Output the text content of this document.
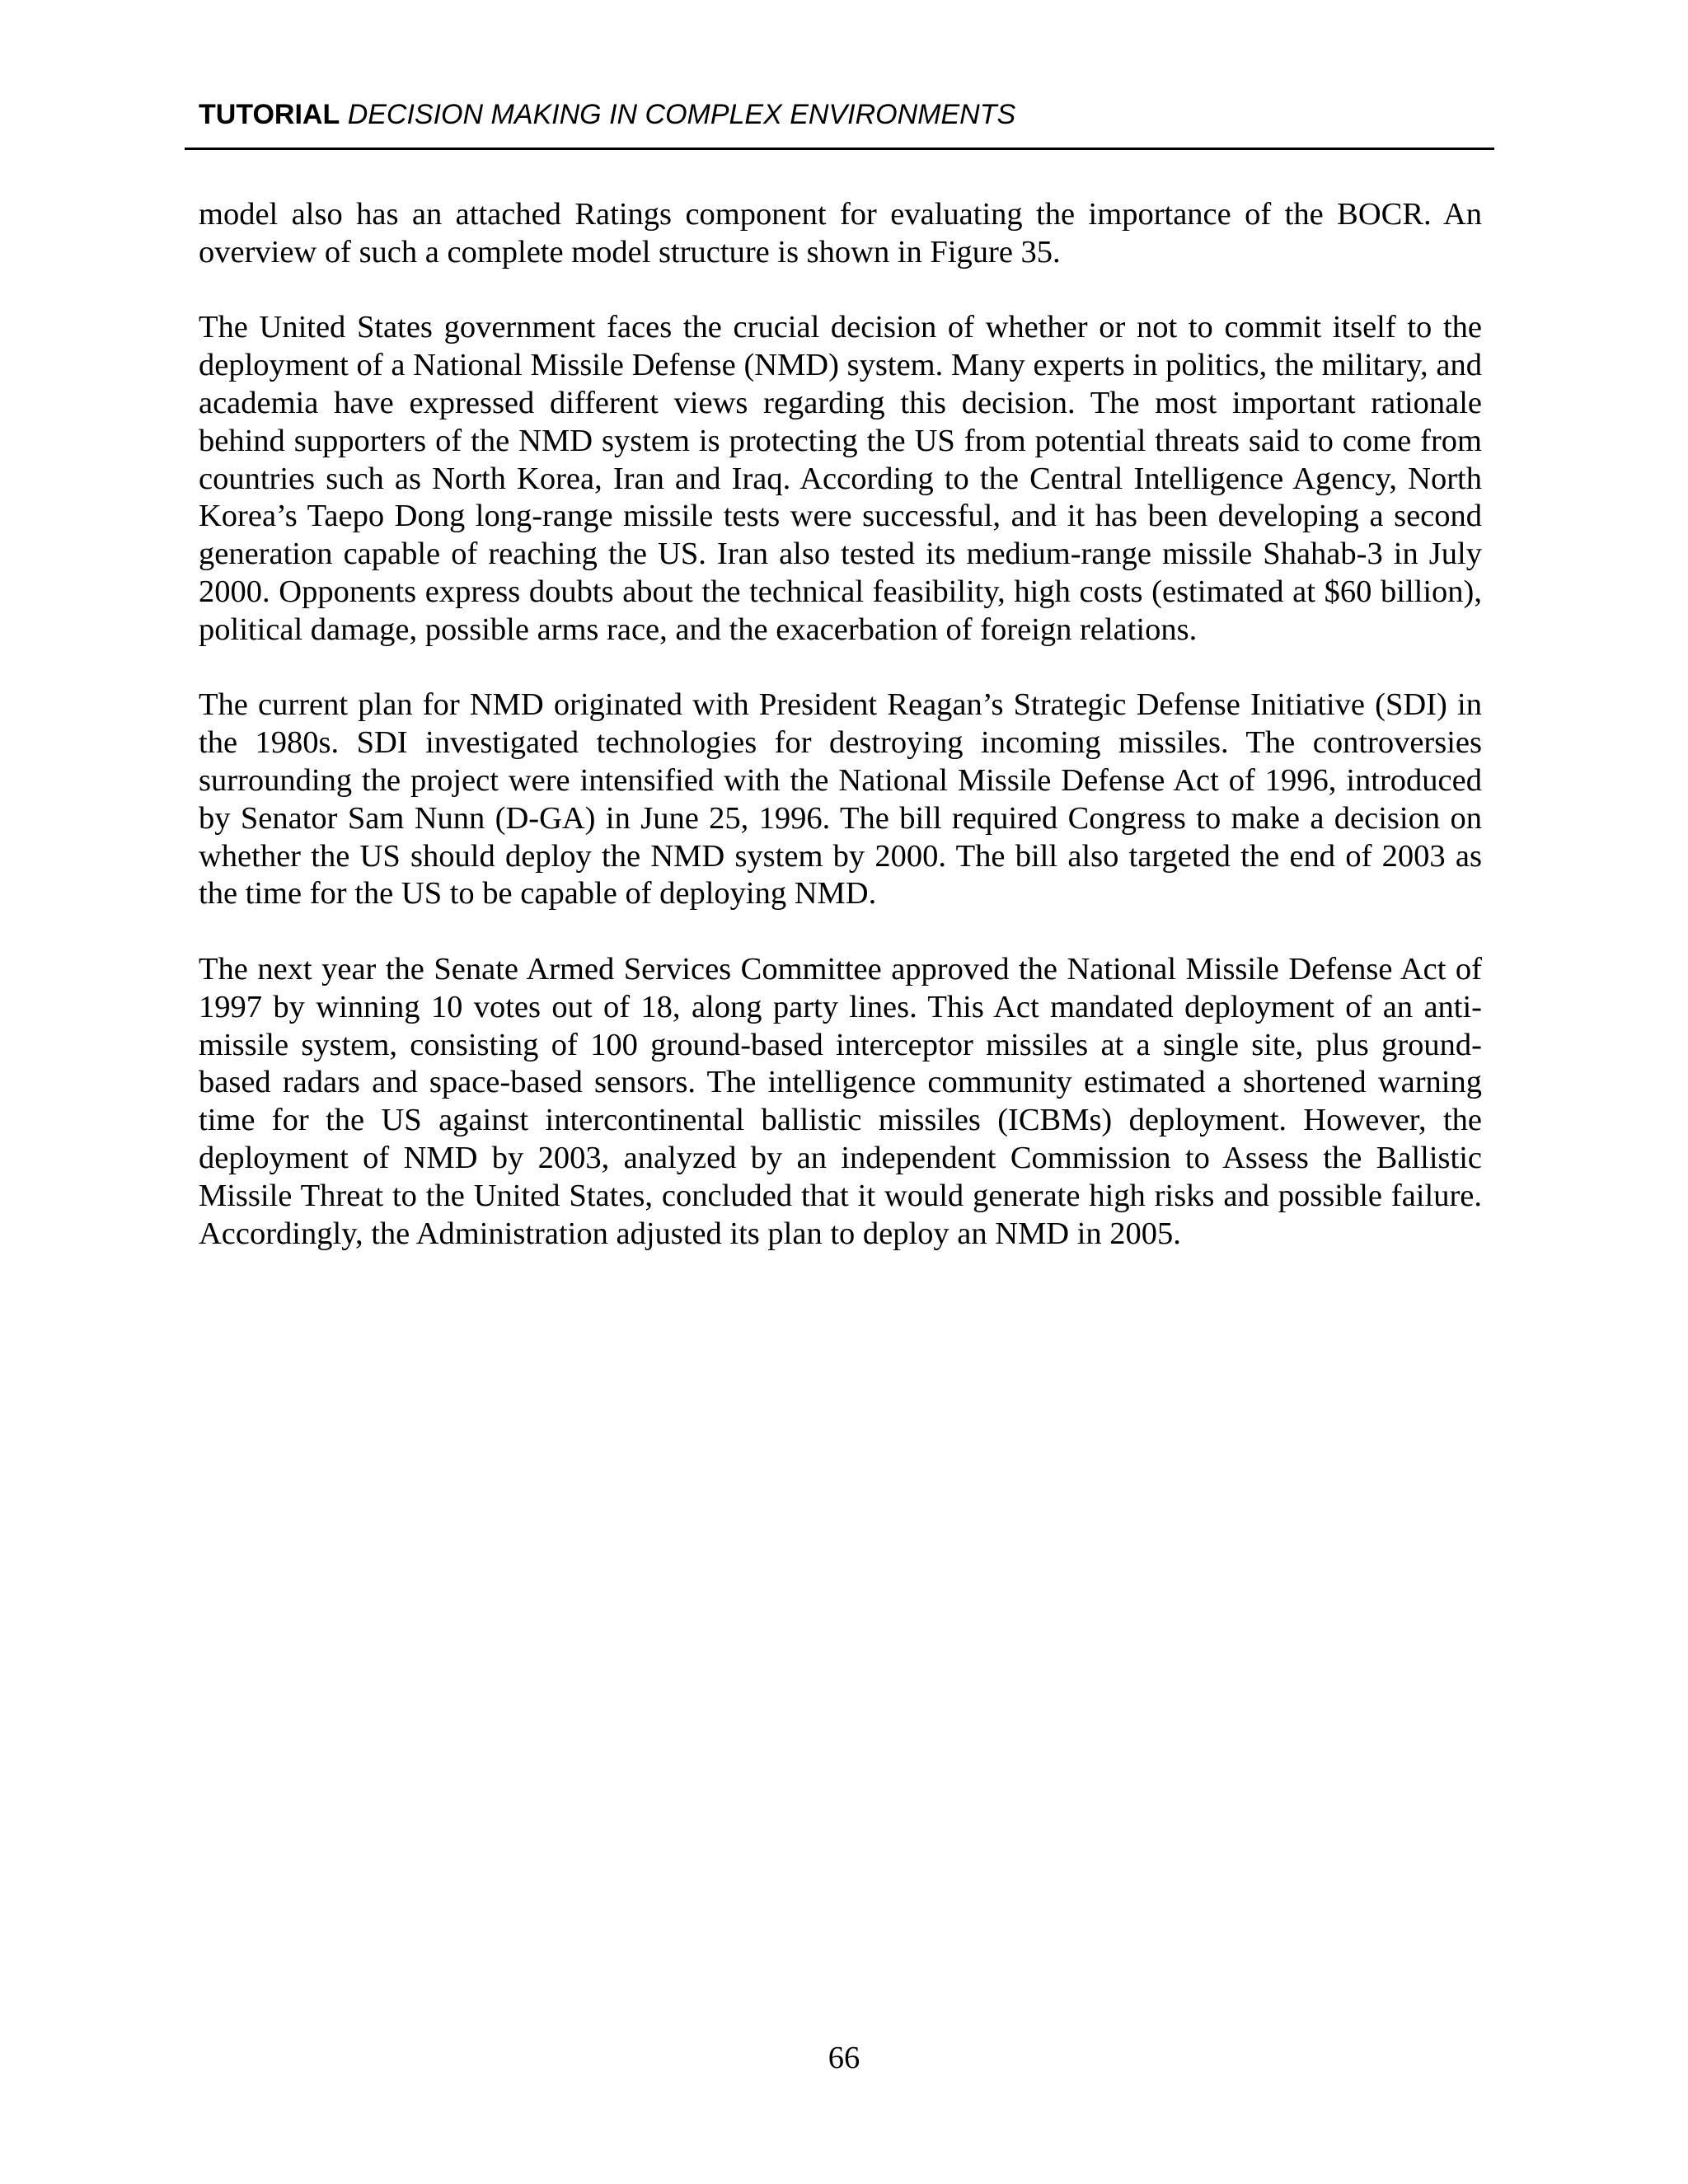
TUTORIAL DECISION MAKING IN COMPLEX ENVIRONMENTS

model also has an attached Ratings component for evaluating the importance of the BOCR. An overview of such a complete model structure is shown in Figure 35.

The United States government faces the crucial decision of whether or not to commit itself to the deployment of a National Missile Defense (NMD) system. Many experts in politics, the military, and academia have expressed different views regarding this decision. The most important rationale behind supporters of the NMD system is protecting the US from potential threats said to come from countries such as North Korea, Iran and Iraq. According to the Central Intelligence Agency, North Korea’s Taepo Dong long-range missile tests were successful, and it has been developing a second generation capable of reaching the US. Iran also tested its medium-range missile Shahab-3 in July 2000. Opponents express doubts about the technical feasibility, high costs (estimated at $60 billion), political damage, possible arms race, and the exacerbation of foreign relations.

The current plan for NMD originated with President Reagan’s Strategic Defense Initiative (SDI) in the 1980s. SDI investigated technologies for destroying incoming missiles. The controversies surrounding the project were intensified with the National Missile Defense Act of 1996, introduced by Senator Sam Nunn (D-GA) in June 25, 1996. The bill required Congress to make a decision on whether the US should deploy the NMD system by 2000. The bill also targeted the end of 2003 as the time for the US to be capable of deploying NMD.

The next year the Senate Armed Services Committee approved the National Missile Defense Act of 1997 by winning 10 votes out of 18, along party lines. This Act mandated deployment of an anti-missile system, consisting of 100 ground-based interceptor missiles at a single site, plus ground-based radars and space-based sensors. The intelligence community estimated a shortened warning time for the US against intercontinental ballistic missiles (ICBMs) deployment. However, the deployment of NMD by 2003, analyzed by an independent Commission to Assess the Ballistic Missile Threat to the United States, concluded that it would generate high risks and possible failure. Accordingly, the Administration adjusted its plan to deploy an NMD in 2005.

66
